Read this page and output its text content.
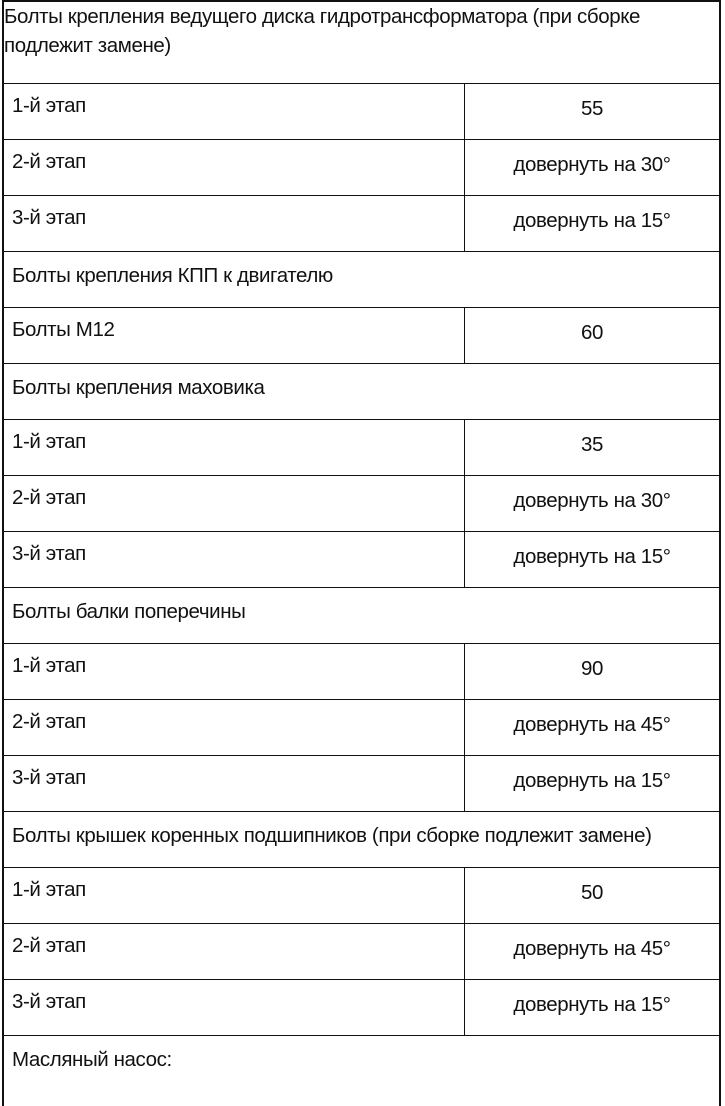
Болты крепления ведущего диска гидротрансформатора (при сборке подлежит замене)
1-й этап	55
2-й этап	довернуть на 30°
3-й этап	довернуть на 15°
Болты крепления КПП к двигателю
Болты М12	60
Болты крепления маховика
1-й этап	35
2-й этап	довернуть на 30°
3-й этап	довернуть на 15°
Болты балки поперечины
1-й этап	90
2-й этап	довернуть на 45°
3-й этап	довернуть на 15°
Болты крышек коренных подшипников (при сборке подлежит замене)
1-й этап	50
2-й этап	довернуть на 45°
3-й этап	довернуть на 15°
Масляный насос:
